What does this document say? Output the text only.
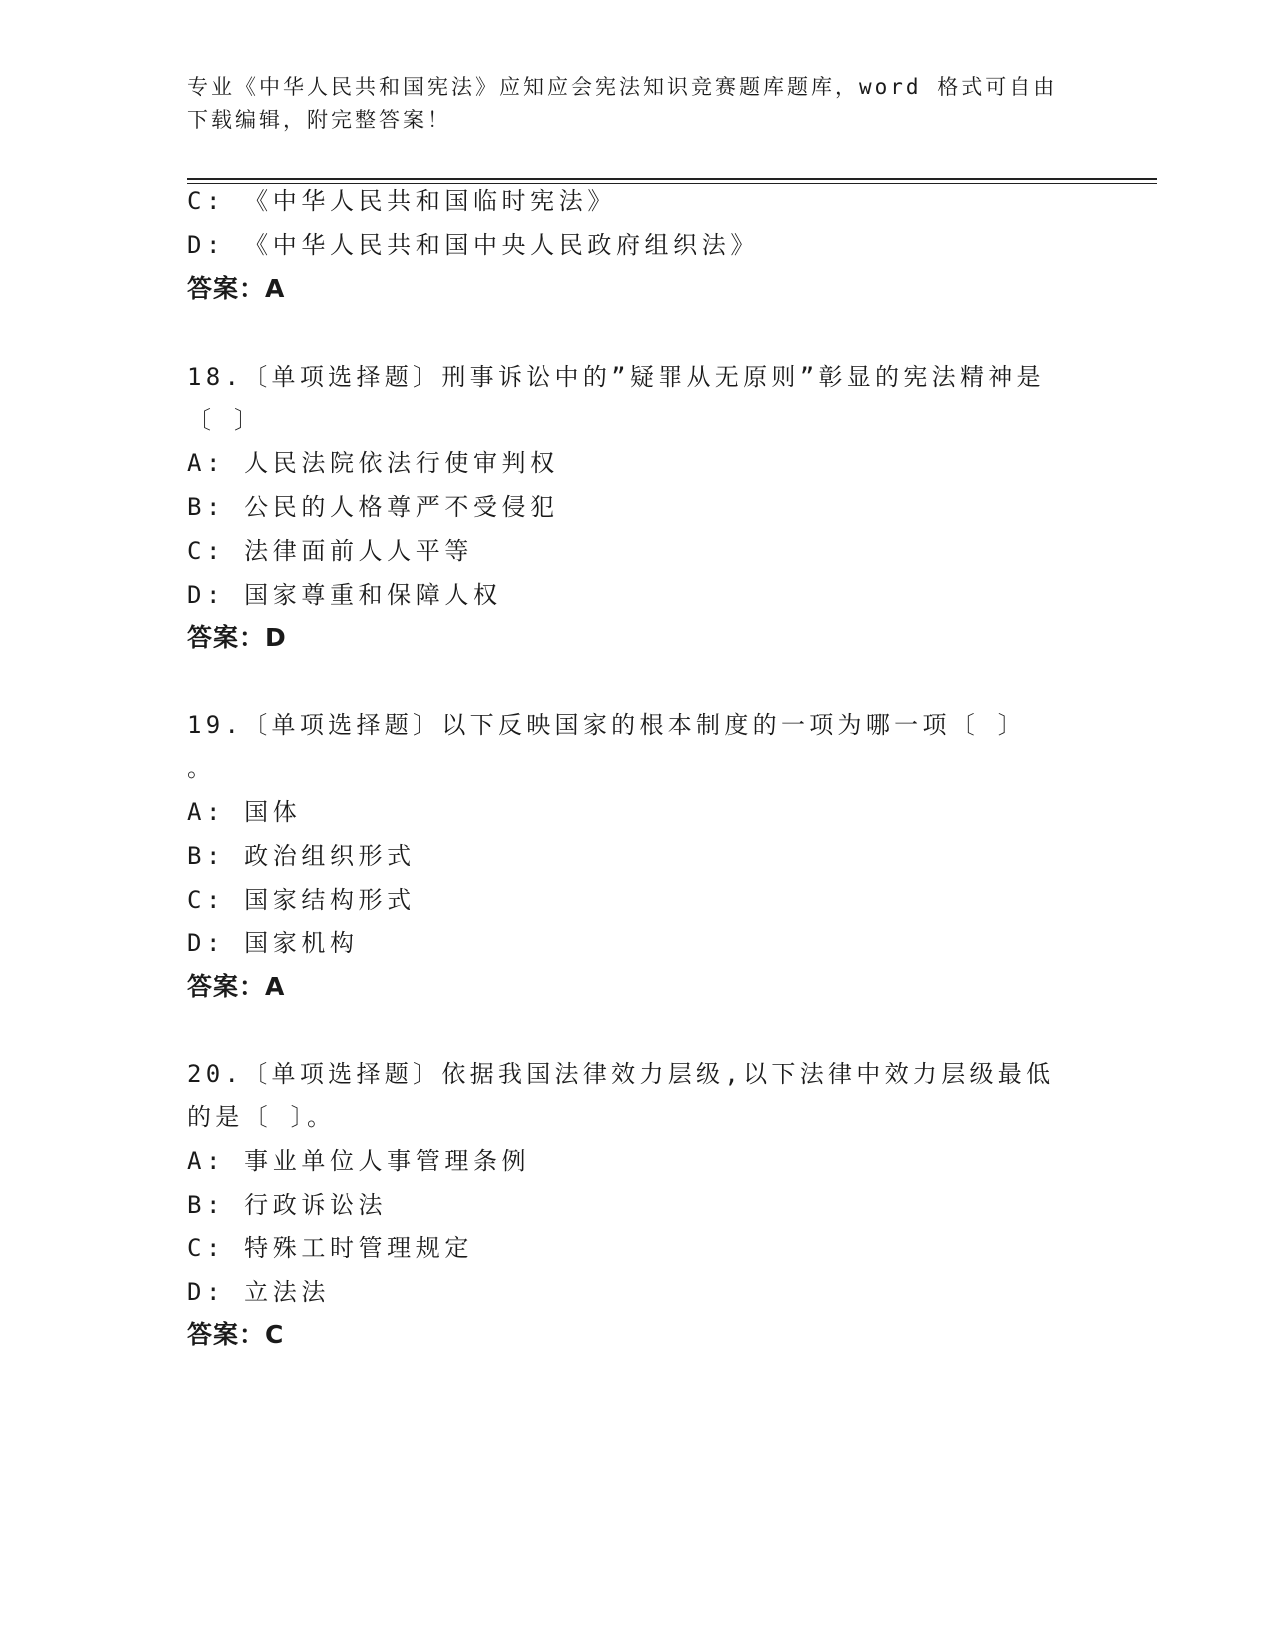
专业《中华人民共和国宪法》应知应会宪法知识竞赛题库题库，word 格式可自由
下载编辑，附完整答案！
C: 《中华人民共和国临时宪法》
D: 《中华人民共和国中央人民政府组织法》
答案：A
18.〔单项选择题〕刑事诉讼中的”疑罪从无原则”彰显的宪法精神是
〔 〕
A: 人民法院依法行使审判权
B: 公民的人格尊严不受侵犯
C: 法律面前人人平等
D: 国家尊重和保障人权
答案：D
19.〔单项选择题〕以下反映国家的根本制度的一项为哪一项〔 〕
。
A: 国体
B: 政治组织形式
C: 国家结构形式
D: 国家机构
答案：A
20.〔单项选择题〕依据我国法律效力层级,以下法律中效力层级最低
的是〔 〕。
A: 事业单位人事管理条例
B: 行政诉讼法
C: 特殊工时管理规定
D: 立法法
答案：C
